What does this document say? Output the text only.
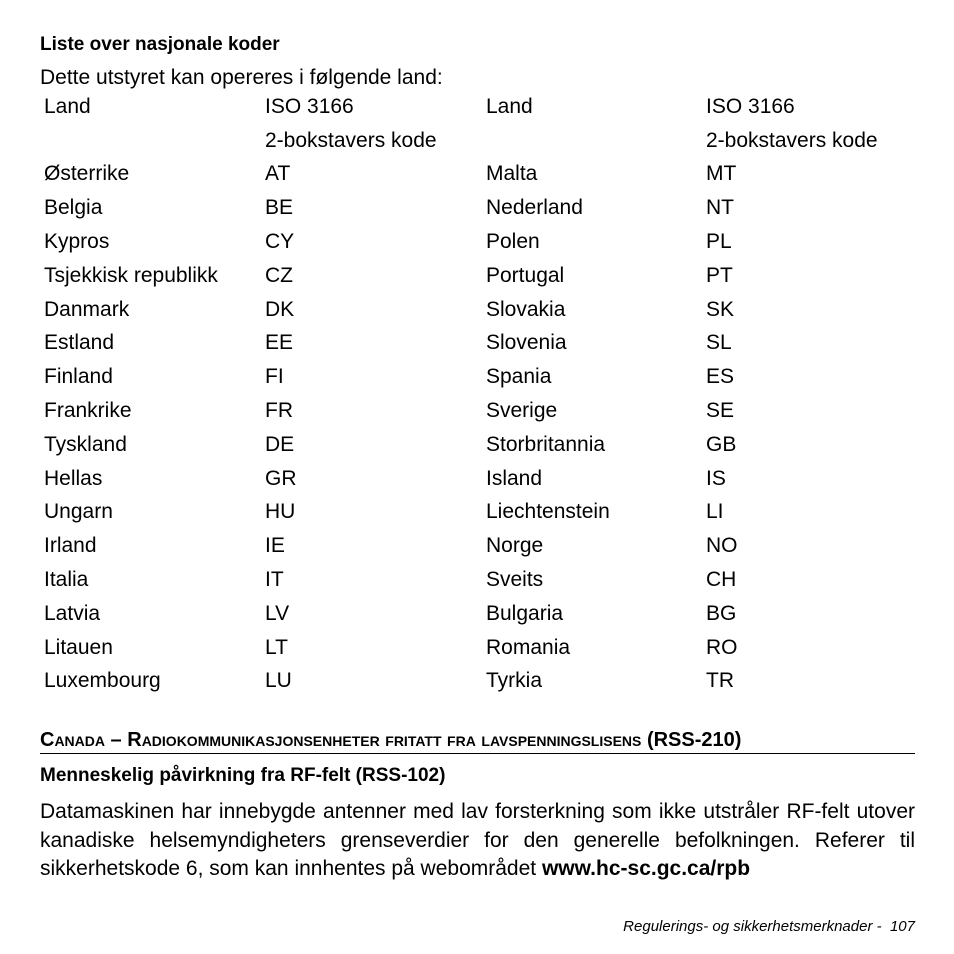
Liste over nasjonale koder
Dette utstyret kan opereres i følgende land:
Land	ISO 3166	Land	ISO 3166
	2-bokstavers kode		2-bokstavers kode
Østerrike	AT	Malta	MT
Belgia	BE	Nederland	NT
Kypros	CY	Polen	PL
Tsjekkisk republikk	CZ	Portugal	PT
Danmark	DK	Slovakia	SK
Estland	EE	Slovenia	SL
Finland	FI	Spania	ES
Frankrike	FR	Sverige	SE
Tyskland	DE	Storbritannia	GB
Hellas	GR	Island	IS
Ungarn	HU	Liechtenstein	LI
Irland	IE	Norge	NO
Italia	IT	Sveits	CH
Latvia	LV	Bulgaria	BG
Litauen	LT	Romania	RO
Luxembourg	LU	Tyrkia	TR
Canada – Radiokommunikasjonsenheter fritatt fra lavspenningslisens (RSS-210)
Menneskelig påvirkning fra RF-felt (RSS-102)
Datamaskinen har innebygde antenner med lav forsterkning som ikke utstråler RF-felt utover kanadiske helsemyndigheters grenseverdier for den generelle befolkningen. Referer til sikkerhetskode 6, som kan innhentes på webområdet www.hc-sc.gc.ca/rpb
Regulerings- og sikkerhetsmerknader - 107
